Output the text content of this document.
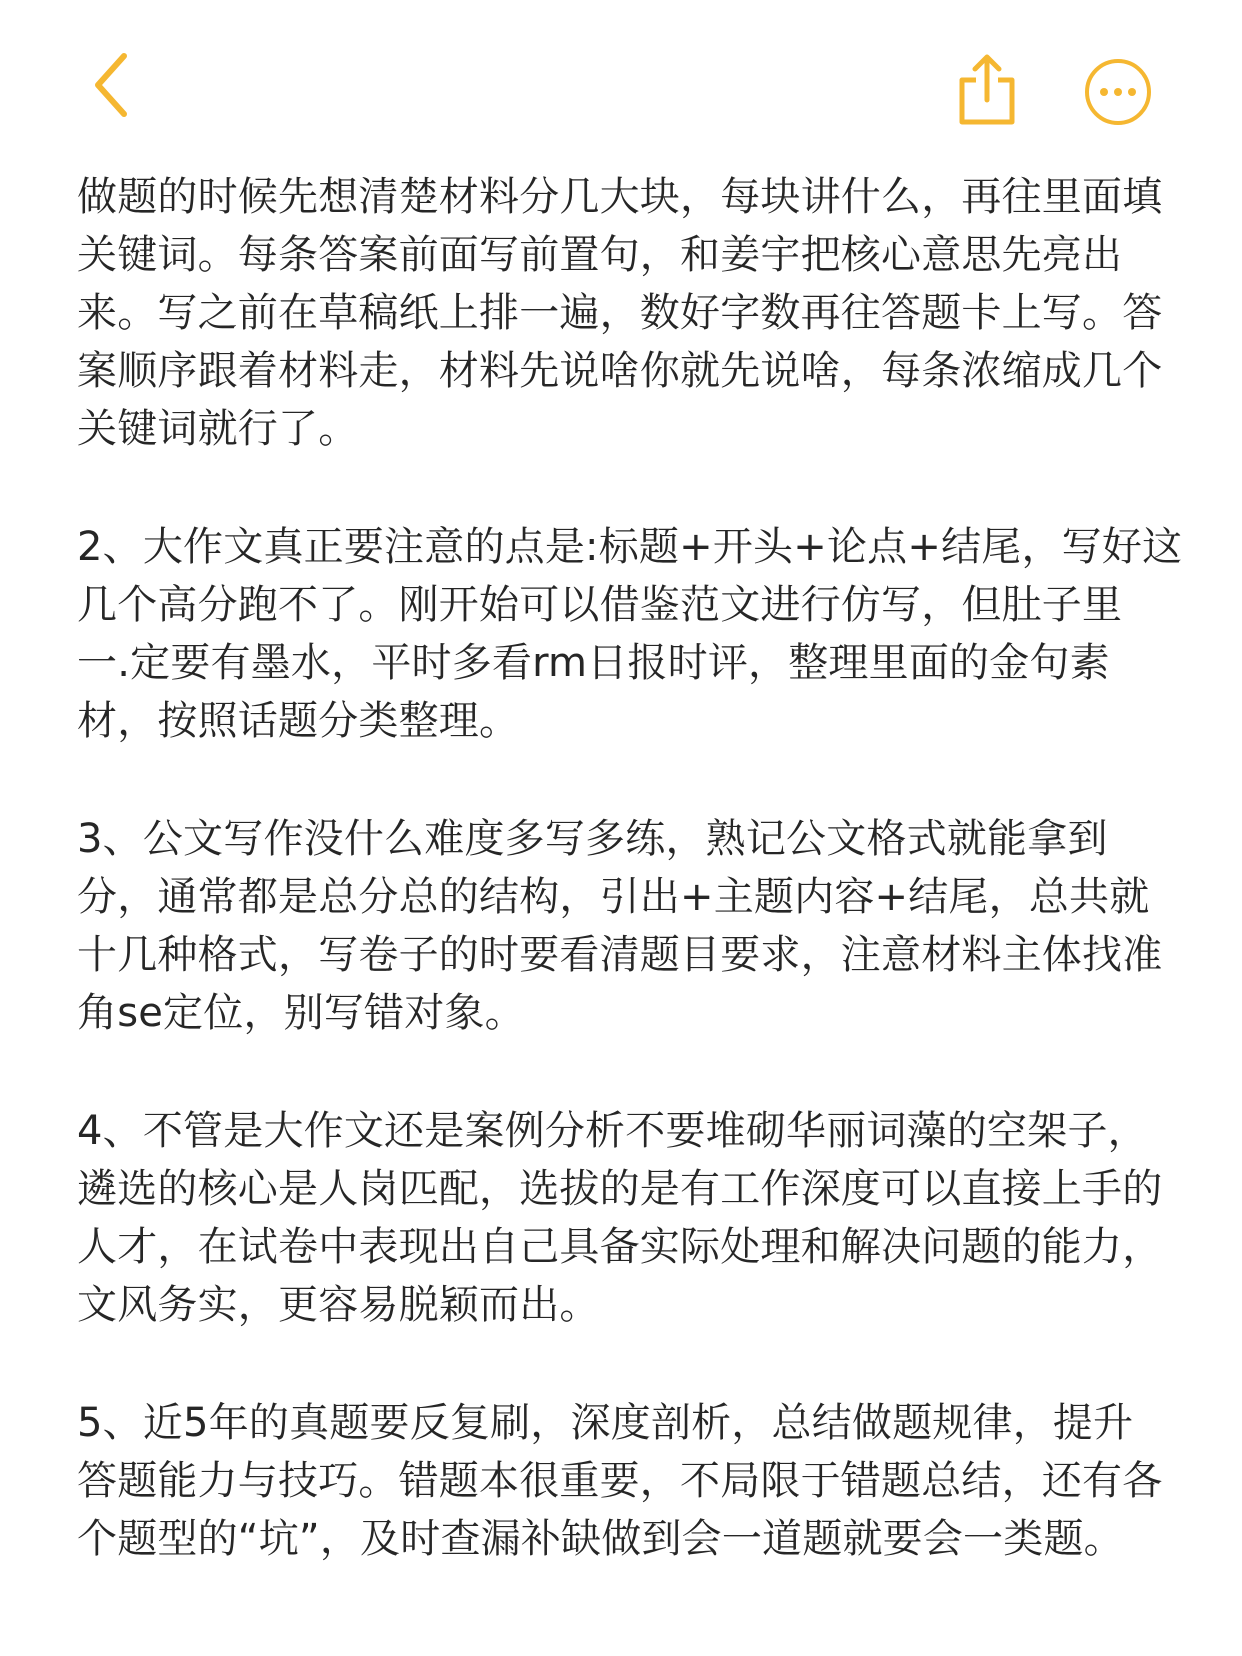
做题的时候先想清楚材料分几大块，每块讲什么，再往里面填
关键词。每条答案前面写前置句，和姜宇把核心意思先亮出
来。写之前在草稿纸上排一遍，数好字数再往答题卡上写。答
案顺序跟着材料走，材料先说啥你就先说啥，每条浓缩成几个
关键词就行了。

2、大作文真正要注意的点是:标题+开头+论点+结尾，写好这
几个高分跑不了。刚开始可以借鉴范文进行仿写，但肚子里
一.定要有墨水，平时多看rm日报时评，整理里面的金句素
材，按照话题分类整理。

3、公文写作没什么难度多写多练，熟记公文格式就能拿到
分，通常都是总分总的结构，引出+主题内容+结尾，总共就
十几种格式，写卷子的时要看清题目要求，注意材料主体找准
角se定位，别写错对象。

4、不管是大作文还是案例分析不要堆砌华丽词藻的空架子，
遴选的核心是人岗匹配，选拔的是有工作深度可以直接上手的
人才，在试卷中表现出自己具备实际处理和解决问题的能力，
文风务实，更容易脱颖而出。

5、近5年的真题要反复刷，深度剖析，总结做题规律，提升
答题能力与技巧。错题本很重要，不局限于错题总结，还有各
个题型的“坑”，及时查漏补缺做到会一道题就要会一类题。
